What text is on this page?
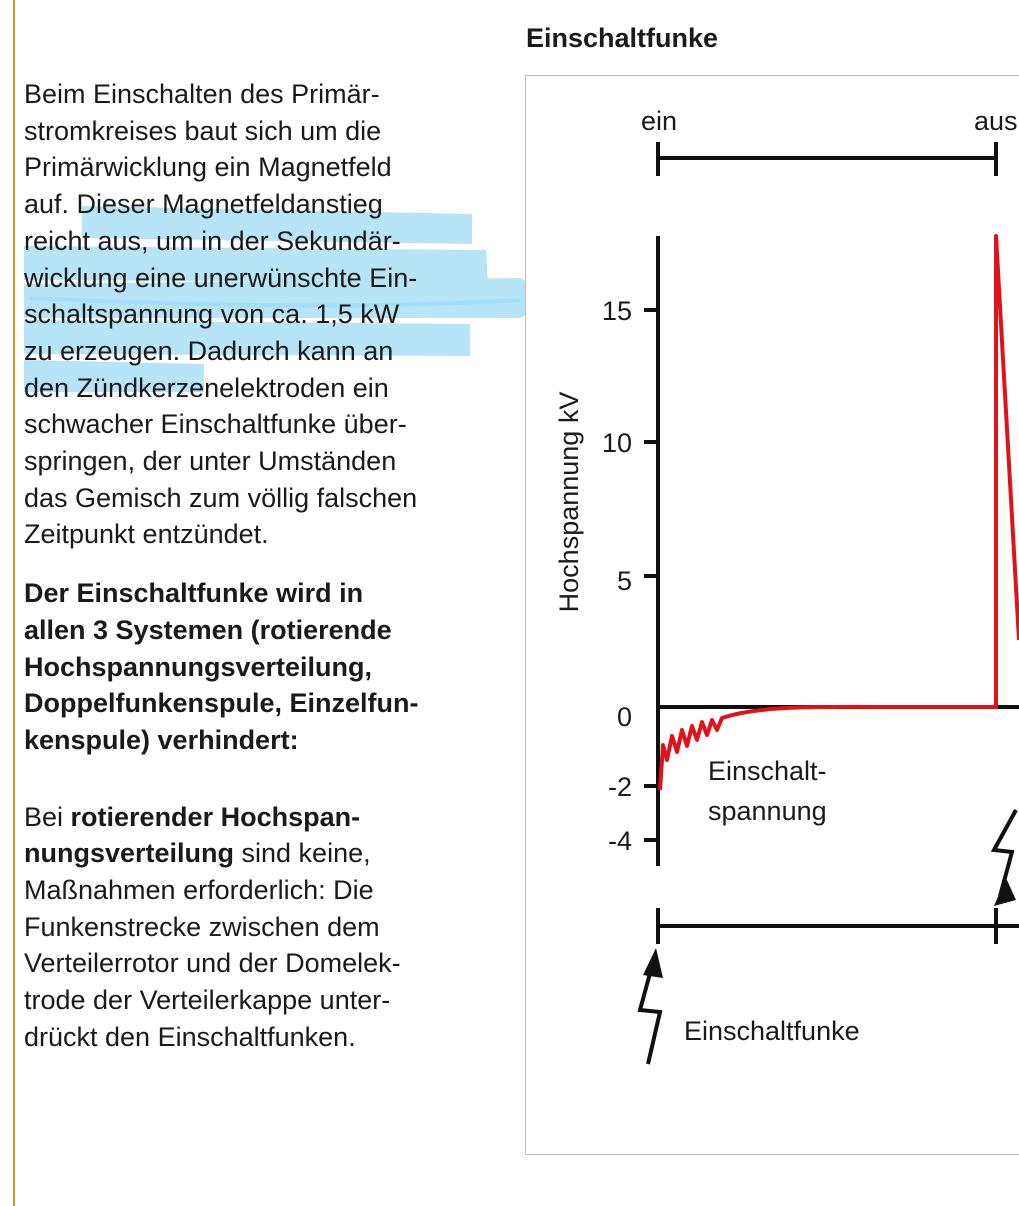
Beim Einschalten des Primär-
stromkreises baut sich um die
Primärwicklung ein Magnetfeld
auf. Dieser Magnetfeldanstieg
reicht aus, um in der Sekundär-
wicklung eine unerwünschte Ein-
schaltspannung von ca. 1,5 kW
zu erzeugen. Dadurch kann an
den Zündkerzenelektroden ein
schwacher Einschaltfunke über-
springen, der unter Umständen
das Gemisch zum völlig falschen
Zeitpunkt entzündet.

Der Einschaltfunke wird in
allen 3 Systemen (rotierende
Hochspannungsverteilung,
Doppelfunkenspule, Einzelfun-
kenspule) verhindert:

Bei rotierender Hochspan-
nungsverteilung sind keine,
Maßnahmen erforderlich: Die
Funkenstrecke zwischen dem
Verteilerrotor und der Domelek-
trode der Verteilerkappe unter-
drückt den Einschaltfunken.

Einschaltfunke
ein	aus
Hochspannung kV
15
10
5
0
-2
-4
Einschalt-
spannung
Einschaltfunke
